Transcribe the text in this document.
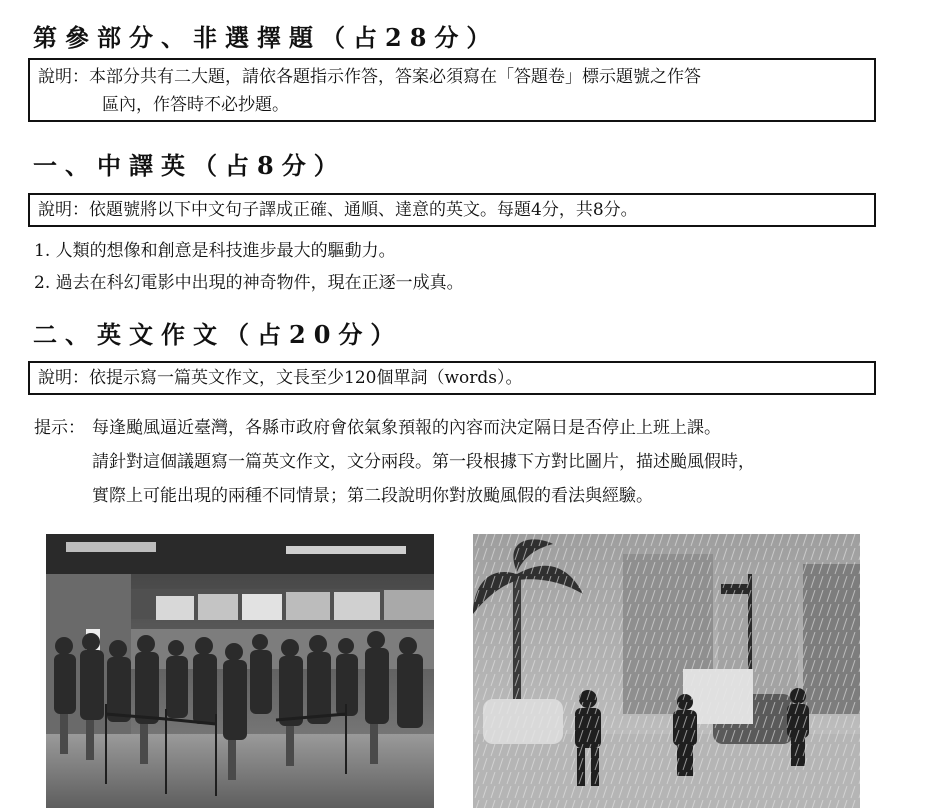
第參部分、非選擇題（占28分）
說明：本部分共有二大題，請依各題指示作答，答案必須寫在「答題卷」標示題號之作答
區內，作答時不必抄題。
一、中譯英（占8分）
說明：依題號將以下中文句子譯成正確、通順、達意的英文。每題4分，共8分。
1. 人類的想像和創意是科技進步最大的驅動力。
2. 過去在科幻電影中出現的神奇物件，現在正逐一成真。
二、英文作文（占20分）
說明：依提示寫一篇英文作文，文長至少120個單詞（words）。
提示： 每逢颱風逼近臺灣，各縣市政府會依氣象預報的內容而決定隔日是否停止上班上課。
請針對這個議題寫一篇英文作文，文分兩段。第一段根據下方對比圖片，描述颱風假時，
實際上可能出現的兩種不同情景；第二段說明你對放颱風假的看法與經驗。
